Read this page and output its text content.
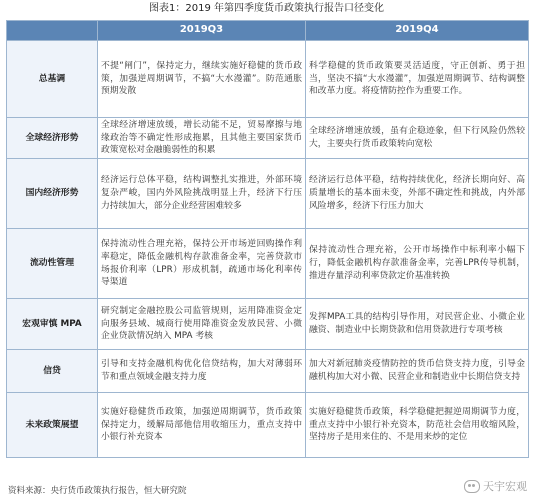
图表1：2019 年第四季度货币政策执行报告口径变化
	2019Q3	2019Q4
总基调	不提“闸门”，保持定力，继续实施好稳健的货币政策，加强逆周期调节，不搞“大水漫灌”。防范通胀预期发散	科学稳健的货币政策要灵活适度，守正创新、勇于担当，坚决不搞“大水漫灌”，加强逆周期调节、结构调整和改革力度。将疫情防控作为重要工作。
全球经济形势	全球经济增速放缓，增长动能不足，贸易摩擦与地缘政治等不确定性形成拖累，且其他主要国家货币政策宽松对金融脆弱性的积累	全球经济增速放缓，虽有企稳迹象，但下行风险仍然较大，主要央行货币政策转向宽松
国内经济形势	经济运行总体平稳，结构调整扎实推进，外部环境复杂严峻，国内外风险挑战明显上升，经济下行压力持续加大，部分企业经营困难较多	经济运行总体平稳，结构持续优化，经济长期向好、高质量增长的基本面未变，外部不确定性和挑战，内外部风险增多，经济下行压力加大
流动性管理	保持流动性合理充裕，保持公开市场逆回购操作利率稳定，降低金融机构存款准备金率，完善贷款市场报价利率（LPR）形成机制，疏通市场化利率传导渠道	保持流动性合理充裕，公开市场操作中标利率小幅下行，降低金融机构存款准备金率，完善LPR传导机制，推进存量浮动利率贷款定价基准转换
宏观审慎 MPA	研究制定金融控股公司监管规则，运用降准资金定向服务县域、城商行使用降准资金发放民营、小微企业贷款情况纳入 MPA 考核	发挥MPA工具的结构引导作用，对民营企业、小微企业融资、制造业中长期贷款和信用贷款进行专项考核
信贷	引导和支持金融机构优化信贷结构，加大对薄弱环节和重点领域金融支持力度	加大对新冠肺炎疫情防控的货币信贷支持力度，引导金融机构加大对小微、民营企业和制造业中长期信贷支持
未来政策展望	实施好稳健货币政策，加强逆周期调节，货币政策保持定力，缓解局部他信用收缩压力，重点支持中小银行补充资本	实施好稳健货币政策，科学稳健把握逆周期调节力度，重点支持中小银行补充资本，防范社会信用收缩风险，坚持房子是用来住的、不是用来炒的定位
资料来源：央行货币政策执行报告，恒大研究院	天宇宏观
